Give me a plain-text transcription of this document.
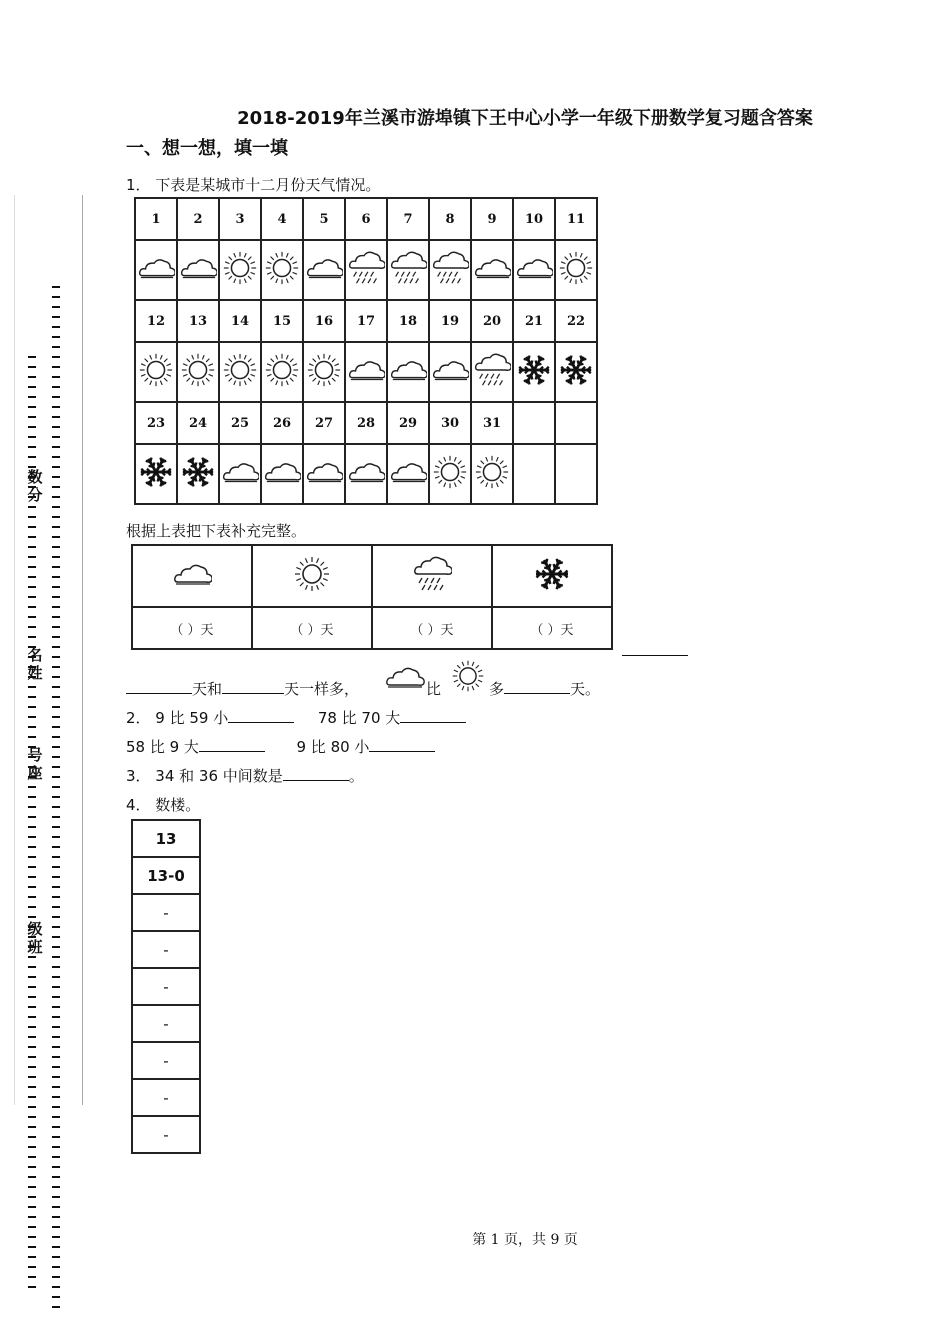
数分
名姓
号座
级班
2018-2019年兰溪市游埠镇下王中心小学一年级下册数学复习题含答案
一、想一想，填一填
1． 下表是某城市十二月份天气情况。
1	2	3	4	5	6	7	8	9	10	11

12	13	14	15	16	17	18	19	20	21	22

23	24	25	26	27	28	29	30	31		

根据上表把下表补充完整。

（ ）天	（ ）天	（ ）天	（ ）天
天和	天一样多，	比	多	天。
2． 9 比 59 小	78 比 70 大
58 比 9 大	9 比 80 小
3． 34 和 36 中间数是	。
4． 数楼。
13
13-0
-
-
-
-
-
-
-
第 1 页，共 9 页
